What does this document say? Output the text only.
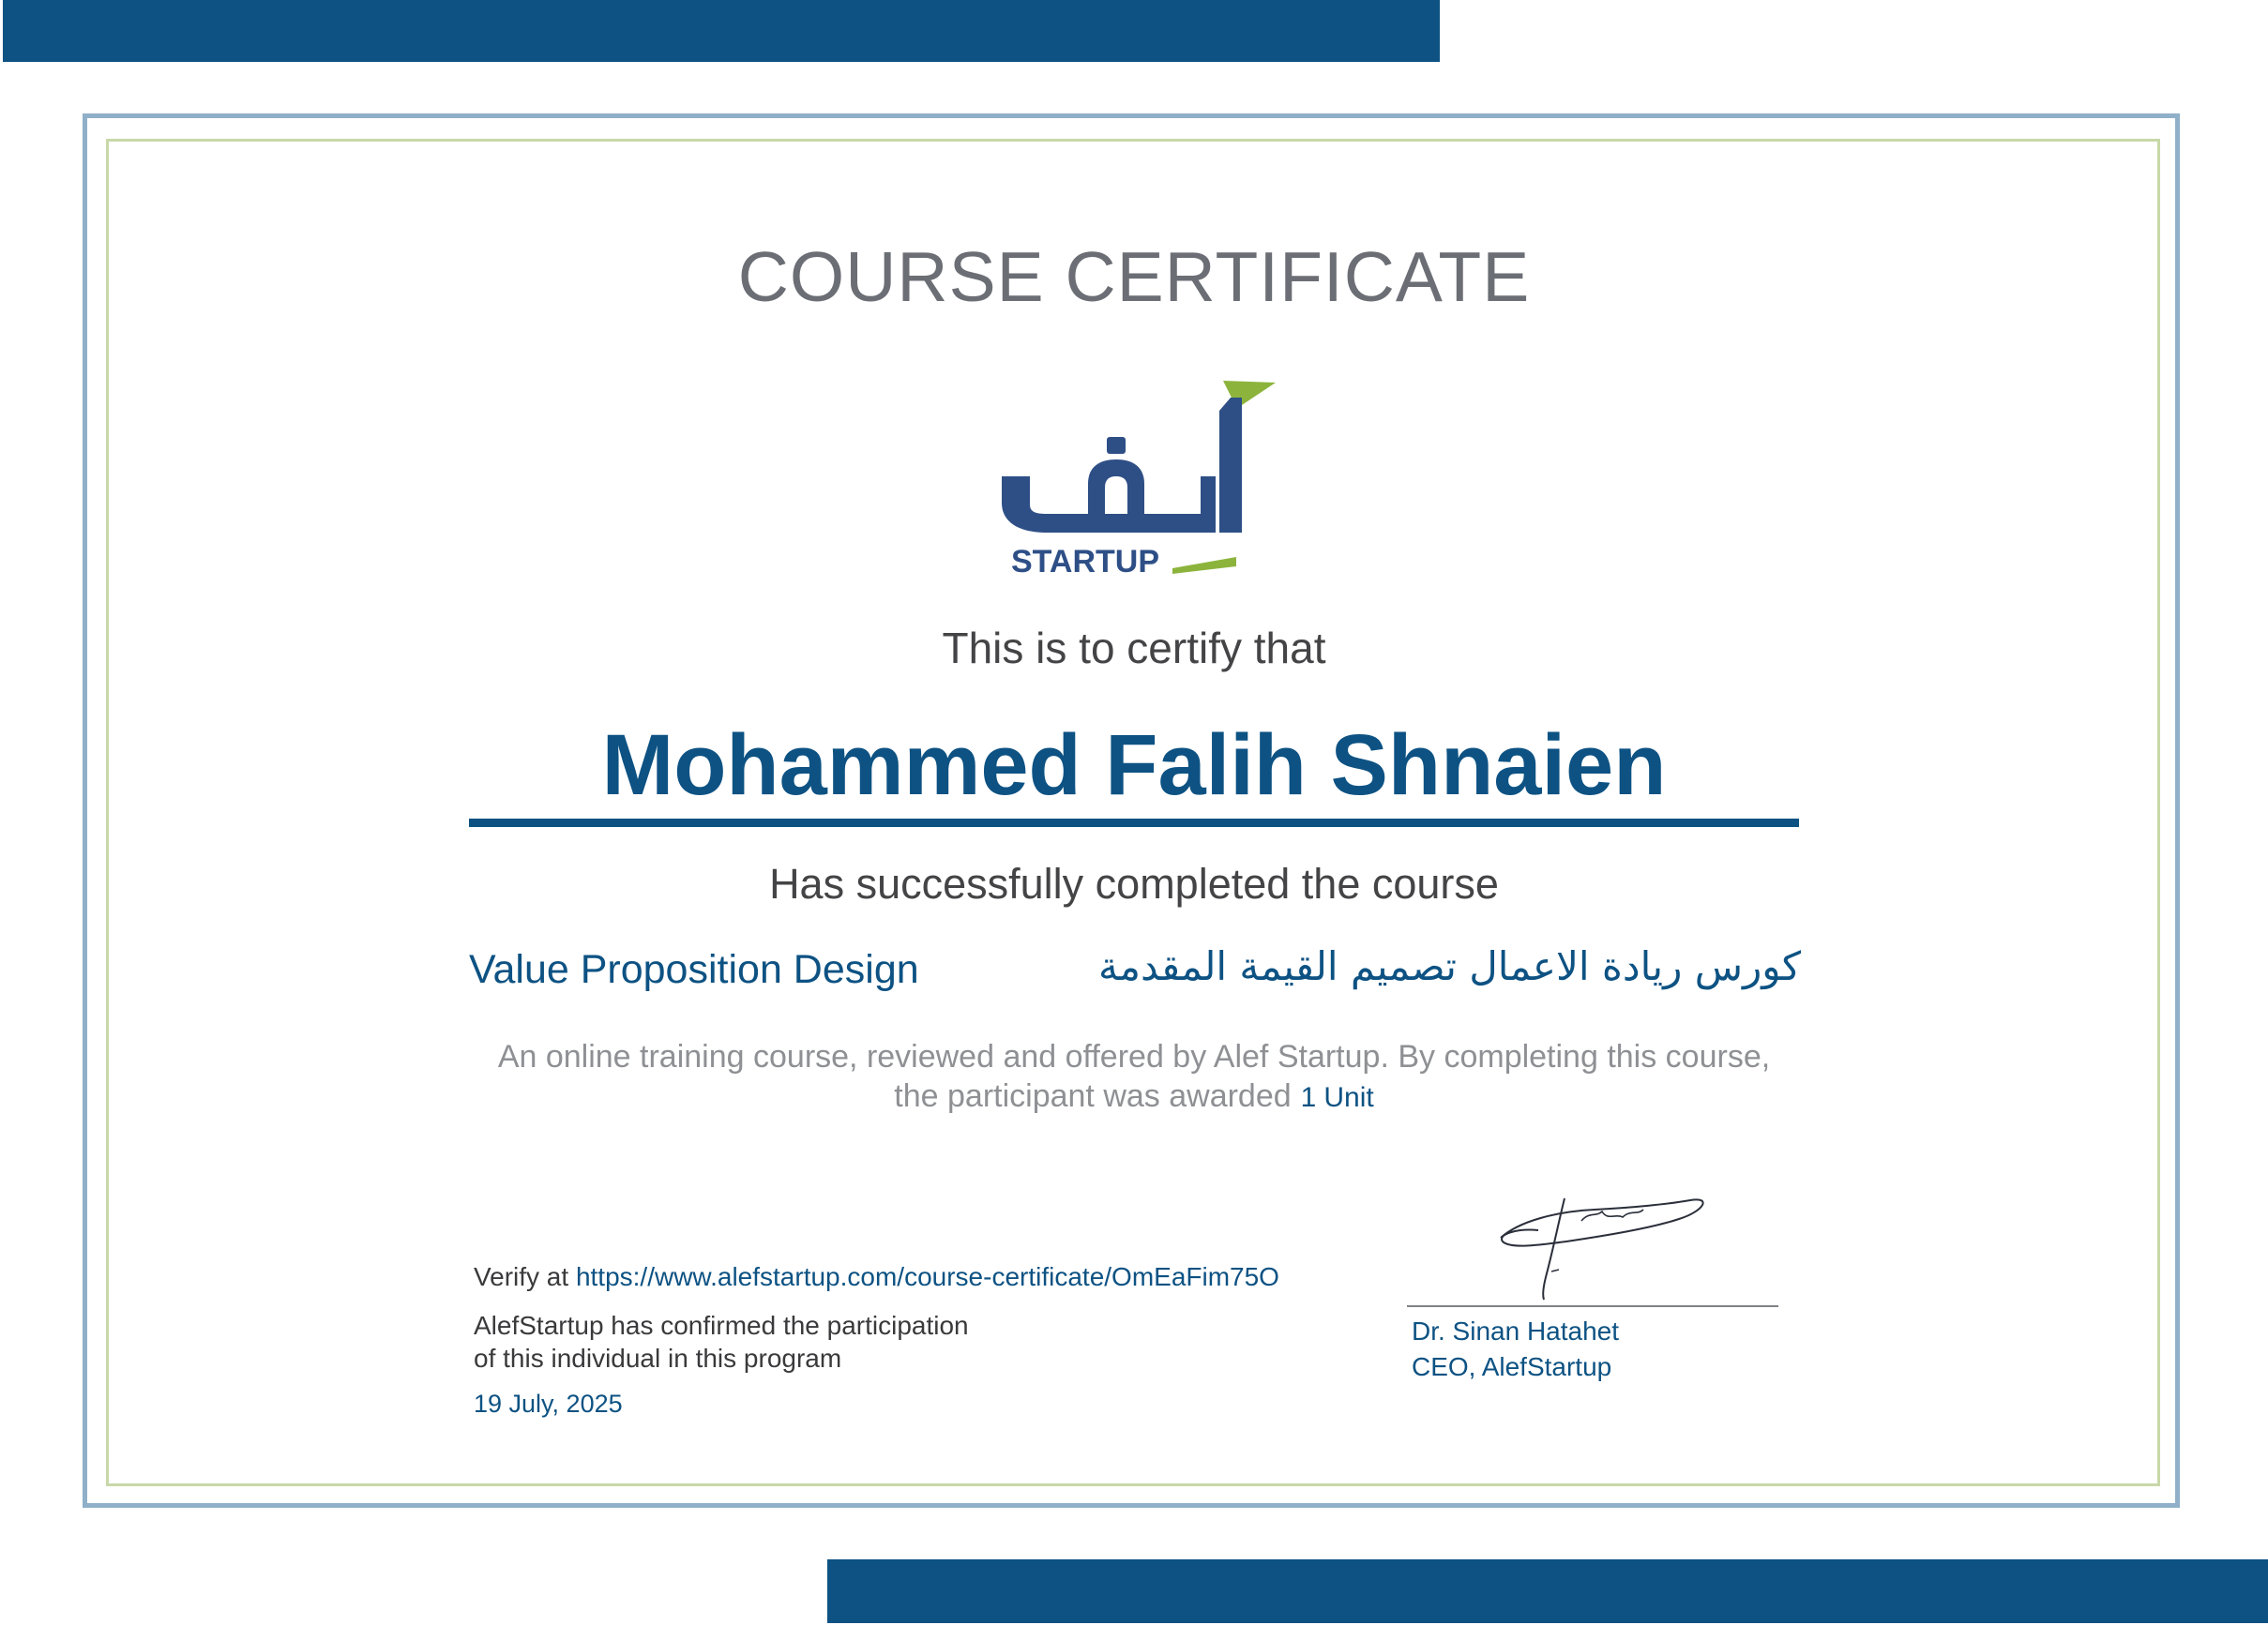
COURSE CERTIFICATE
STARTUP
This is to certify that
Mohammed Falih Shnaien
Has successfully completed the course
Value Proposition Design	كورس ريادة الاعمال تصميم القيمة المقدمة
An online training course, reviewed and offered by Alef Startup. By completing this course,
the participant was awarded 1 Unit
Verify at https://www.alefstartup.com/course-certificate/OmEaFim75O
AlefStartup has confirmed the participation
of this individual in this program
19 July, 2025
Dr. Sinan Hatahet
CEO, AlefStartup
